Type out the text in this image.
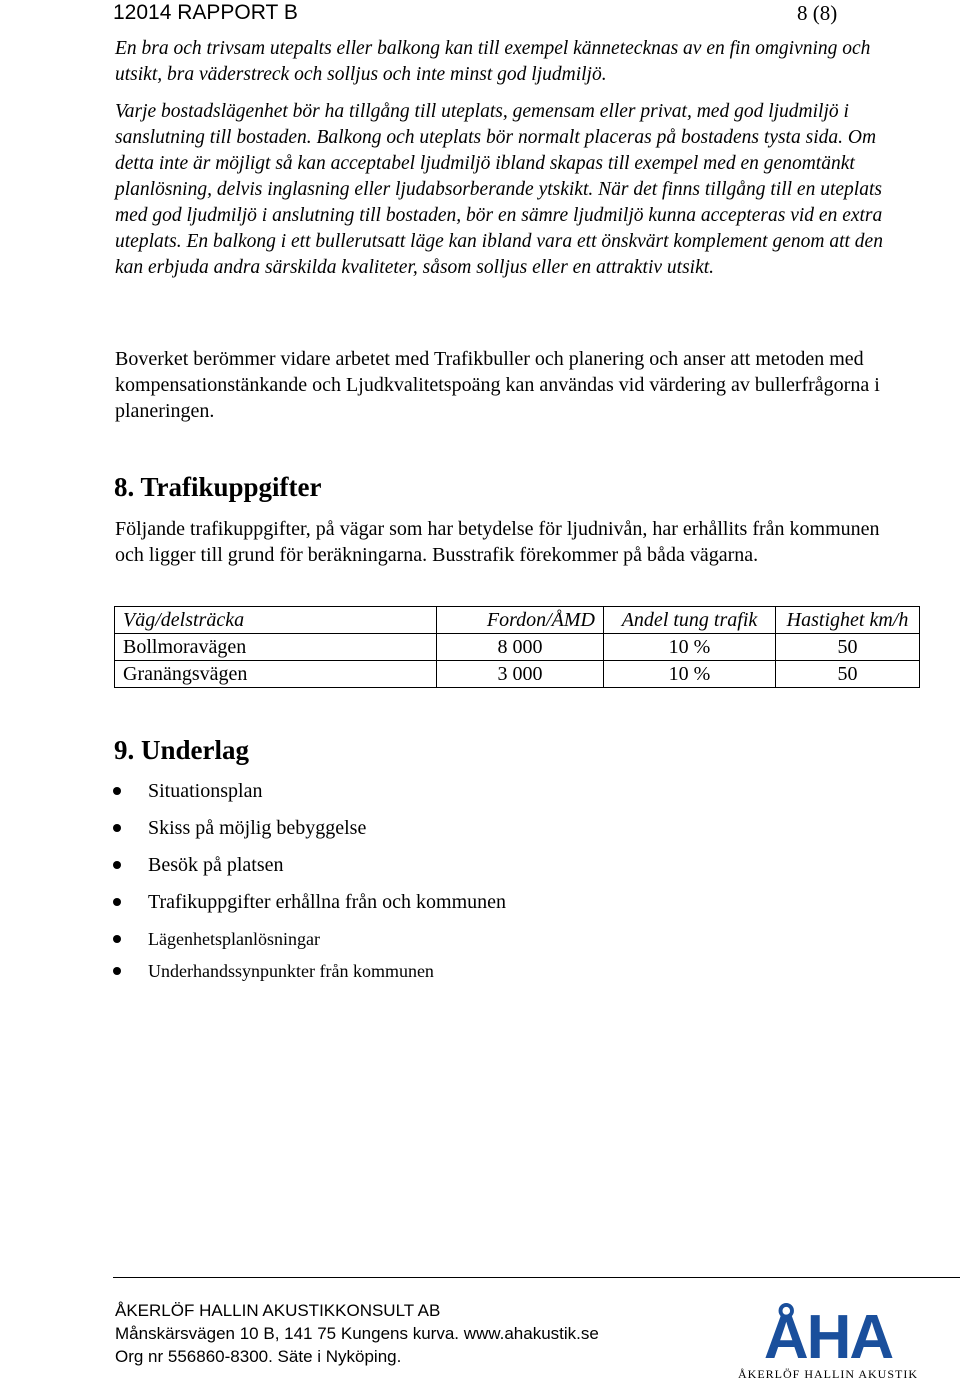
12014 RAPPORT B	8 (8)
En bra och trivsam utepalts eller balkong kan till exempel kännetecknas av en fin omgivning och utsikt, bra väderstreck och solljus och inte minst god ljudmiljö.
Varje bostadslägenhet bör ha tillgång till uteplats, gemensam eller privat, med god ljudmiljö i sanslutning till bostaden. Balkong och uteplats bör normalt placeras på bostadens tysta sida. Om detta inte är möjligt så kan acceptabel ljudmiljö ibland skapas till exempel med en genomtänkt planlösning, delvis inglasning eller ljudabsorberande ytskikt. När det finns tillgång till en uteplats med god ljudmiljö i anslutning till bostaden, bör en sämre ljudmiljö kunna accepteras vid en extra uteplats. En balkong i ett bullerutsatt läge kan ibland vara ett önskvärt komplement genom att den kan erbjuda andra särskilda kvaliteter, såsom solljus eller en attraktiv utsikt.
Boverket berömmer vidare arbetet med Trafikbuller och planering och anser att metoden med kompensationstänkande och Ljudkvalitetspoäng kan användas vid värdering av bullerfrågorna i planeringen.
8. Trafikuppgifter
Följande trafikuppgifter, på vägar som har betydelse för ljudnivån, har erhållits från kommunen och ligger till grund för beräkningarna. Busstrafik förekommer på båda vägarna.
Väg/delsträcka	Fordon/ÅMD	Andel tung trafik	Hastighet km/h
Bollmoravägen	8 000	10 %	50
Granängsvägen	3 000	10 %	50
9. Underlag
Situationsplan
Skiss på möjlig bebyggelse
Besök på platsen
Trafikuppgifter erhållna från och kommunen
Lägenhetsplanlösningar
Underhandssynpunkter från kommunen
ÅKERLÖF HALLIN AKUSTIKKONSULT AB
Månskärsvägen 10 B, 141 75 Kungens kurva. www.ahakustik.se
Org nr 556860-8300. Säte i Nyköping.	ÅHA
ÅKERLÖF HALLIN AKUSTIK
